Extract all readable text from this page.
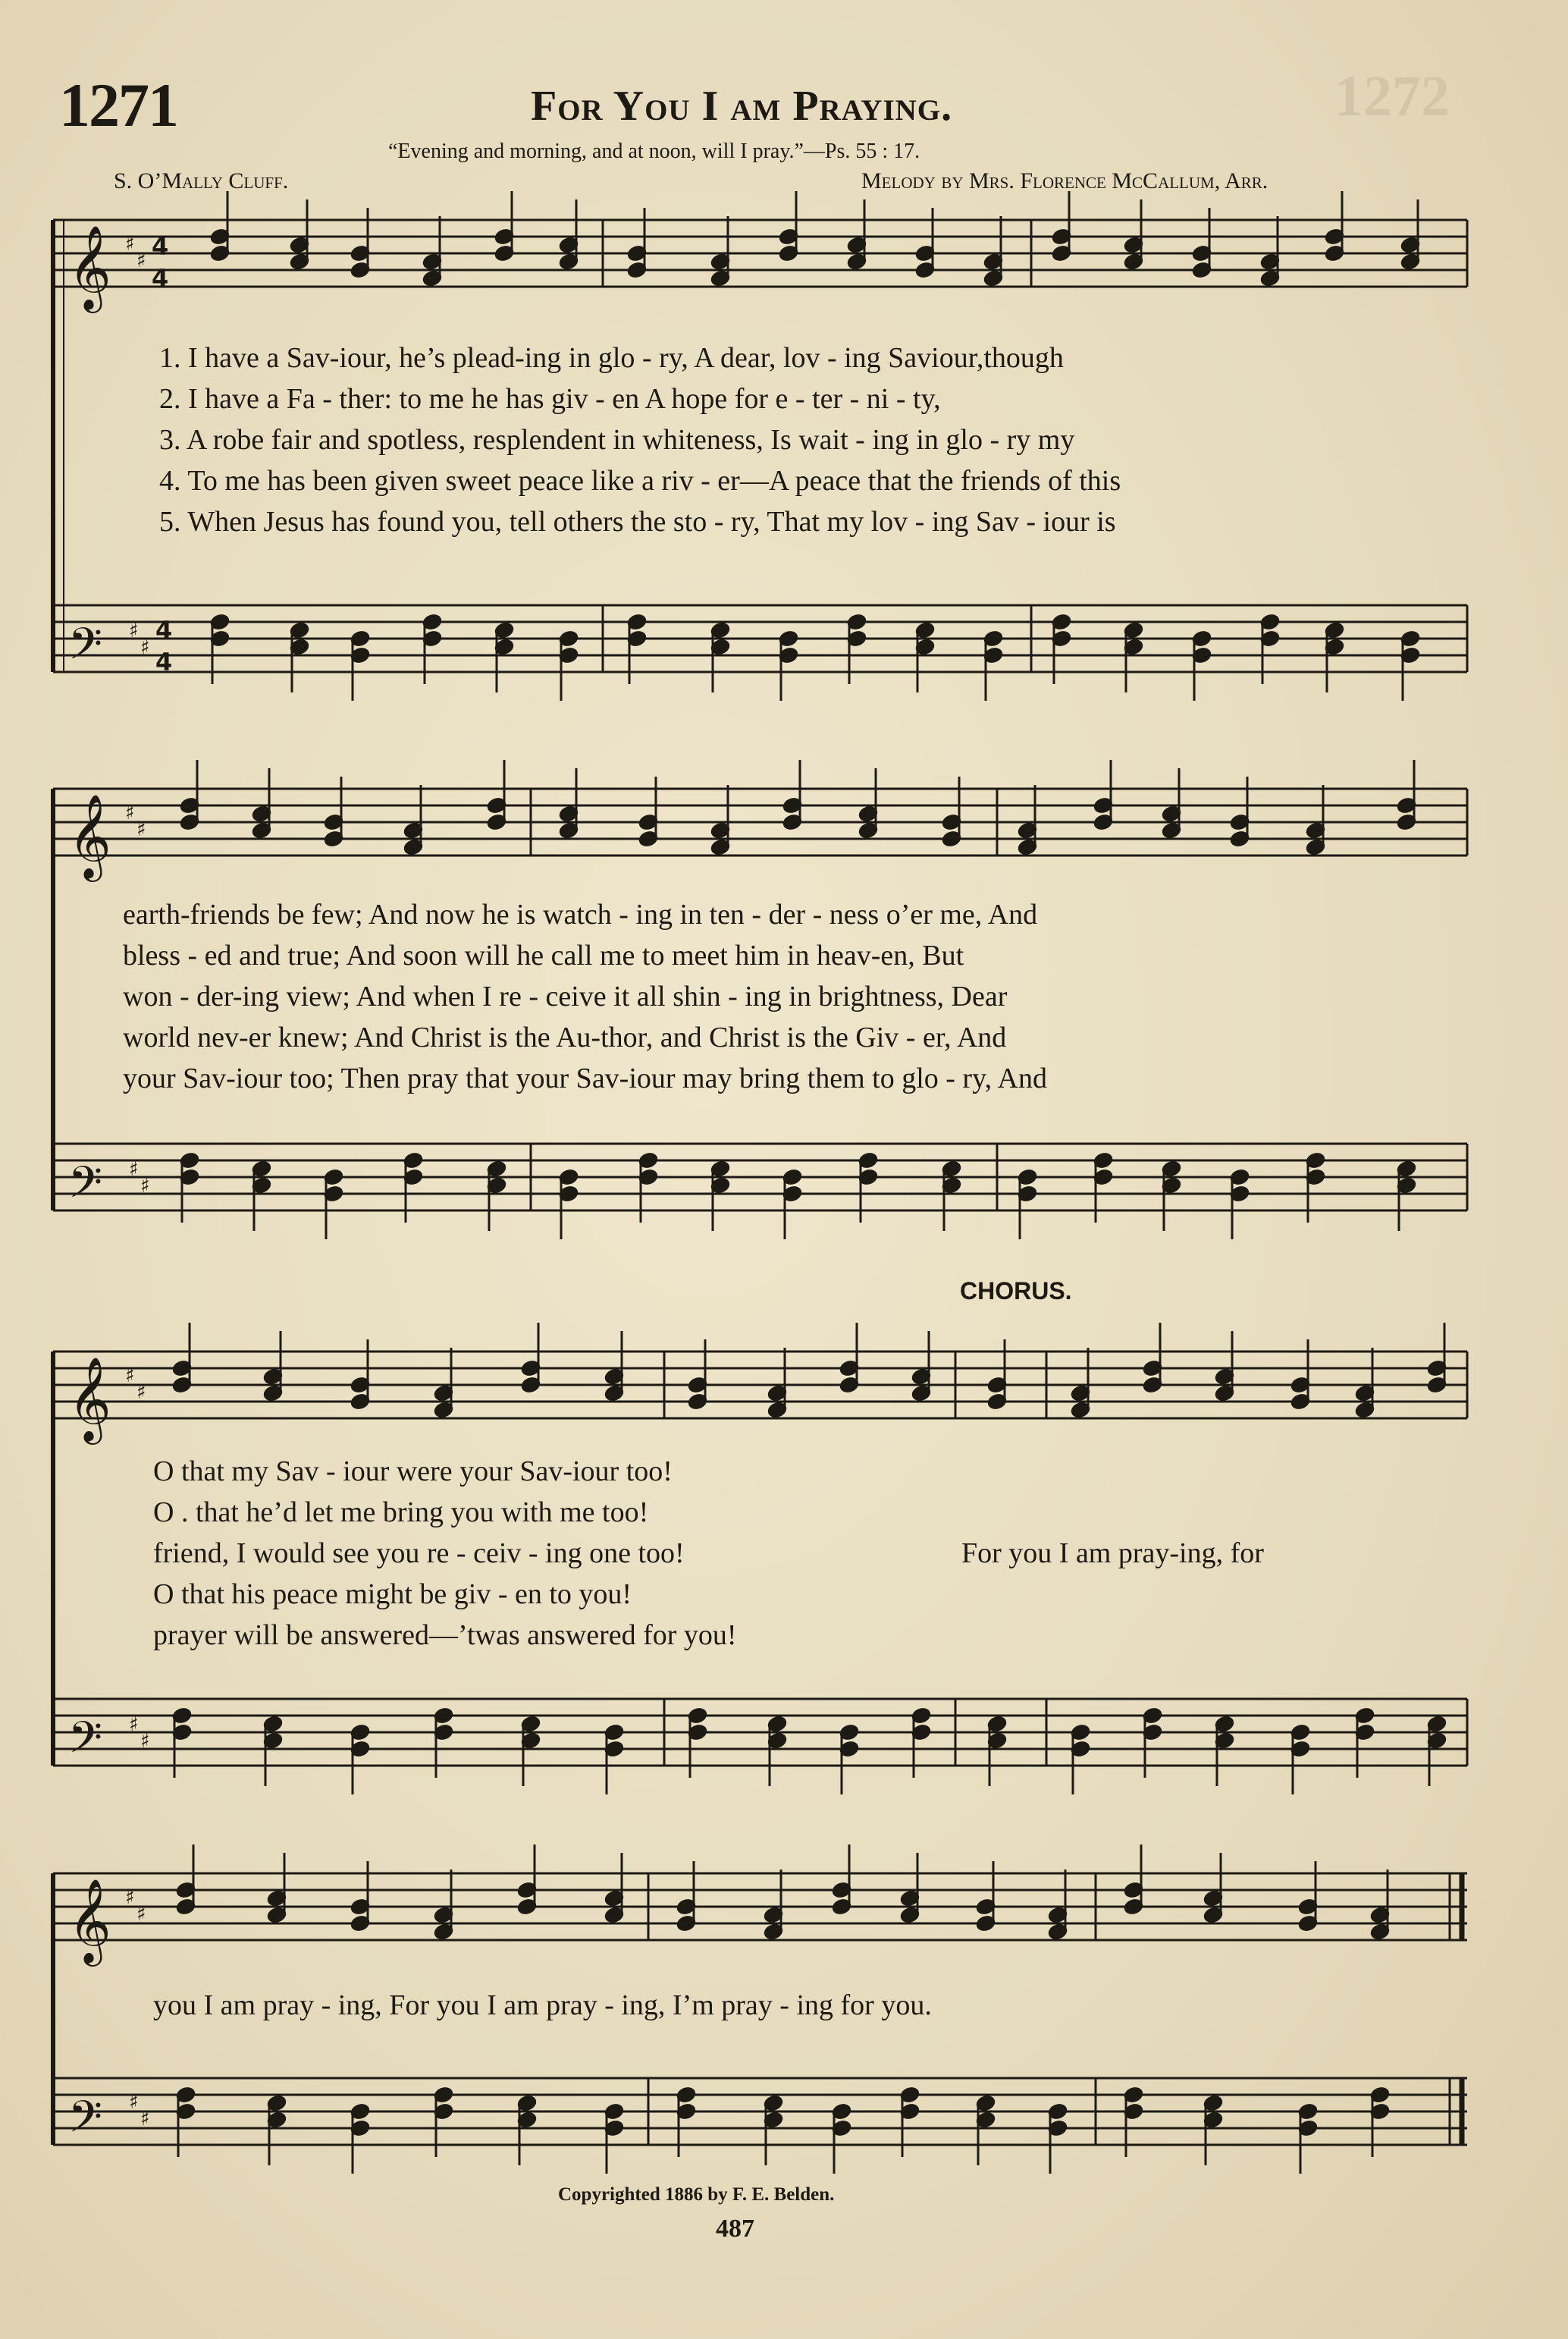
1272
1271	For You I am Praying.
“Evening and morning, and at noon, will I pray.”—Ps. 55 : 17.
S. O’Mally Cluff.	Melody by Mrs. Florence McCallum, Arr.
𝄞
𝄢
♯
♯ 4
4
♯
♯
4
4
𝄞
𝄢
♯
♯
♯
♯
𝄞
𝄢
♯
♯
♯
♯
𝄞
𝄢
♯
♯
♯
♯
1. I have a Sav-iour, he’s plead-ing in glo - ry, A dear, lov - ing Saviour,though
2. I have a Fa - ther: to me he has giv - en A hope for e - ter - ni - ty,
3. A robe fair and spotless, resplendent in whiteness, Is wait - ing in glo - ry my
4. To me has been given sweet peace like a riv - er—A peace that the friends of this
5. When Jesus has found you, tell others the sto - ry, That my lov - ing Sav - iour is
earth-friends be few; And now he is watch - ing in ten - der - ness o’er me, And
bless - ed and true; And soon will he call me to meet him in heav-en, But
won - der-ing view; And when I re - ceive it all shin - ing in brightness, Dear
world nev-er knew; And Christ is the Au-thor, and Christ is the Giv - er, And
your Sav-iour too; Then pray that your Sav-iour may bring them to glo - ry, And
CHORUS.
O that my Sav - iour were your Sav-iour too!
O . that he’d let me bring you with me too!
friend, I would see you re - ceiv - ing one too!
O that his peace might be giv - en to you!
prayer will be answered—’twas answered for you!
For you I am pray-ing, for
you I am pray - ing, For you I am pray - ing, I’m pray - ing for you.
Copyrighted 1886 by F. E. Belden.
487
